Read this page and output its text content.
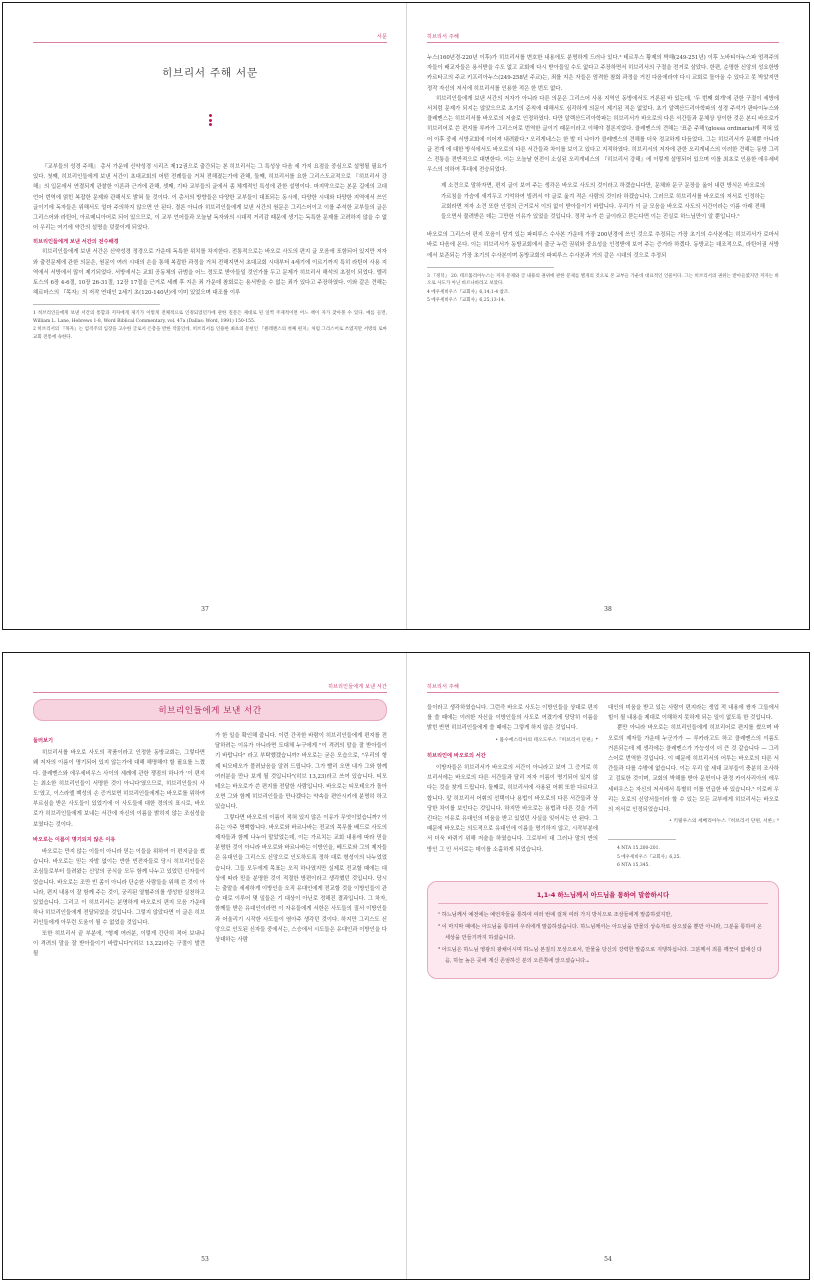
서문
히브리서 주해 서문

『교부들의 성경 주해』 총서 가운데 신약성경 시리즈 제12권으로 출간되는 본 히브리서는 그 특성상 다음 세 가지 요점을 중심으로 설명될 필요가 있다. 첫째, 히브리인들에게 보낸 서간이 초대교회의 어떤 전례들을 거쳐 전해졌는가에 관해, 둘째, 히브리서를 요한 그리스도교적으로 『히브리서 강해』의 입문에서 연결되게 관찰한 이론과 근거에 관해, 셋째, 기타 교부들의 글에서 좀 체계적인 특성에 관한 설명이다. 마지막으로는 본문 길에의 고대 언어 번역에 얽힌 복잡한 문제와 관해서도 밝혀 둘 것이다. 이 총서의 방향들은 다양한 교부들이 대표되는 동시에, 다양한 시대와 다양한 지역에서 쓰인 글이기에 독자들은 위해서도 얼마 주의하지 않으면 안 된다. 결론 아니라 히브리인들에게 보낸 서간의 원문은 그리스어이고 이를 주석한 교부들의 글은 그리스어와 라틴어, 아르메니아어로 되어 있으므로, 이 교부 언어들과 오늘날 독자와의 시대적 거리감 때문에 생기는 독특한 문제를 고려하지 않을 수 없어 우리는 여기에 약간의 설명을 덧붙이게 되었다.

히브리인들에게 보낸 서간의 전수배경

히브리인들에게 보낸 서간은 신약성경 정경으로 가운데 독특한 위치를 차지한다. 전통적으로는 바오로 사도의 편지 글 모음에 포함되어 있지만 저자와 출전문제에 관한 의문은, 원문이 여러 시대의 손을 통해 복잡한 과정을 거쳐 전해지면서 초대교회 시대부터 4세기에 이르기까지 특히 라틴어 사용 지역에서 서방에서 많이 제기되었다. 서방에서는 교회 공동체의 규범을 어느 정도로 받아들일 것인가를 두고 문제가 히브리서 해석의 초점이 되었다. 멜리토스의 6장 4-6절, 10장 26-31절, 12장 17절을 근거로 세례 후 지은 죄 가운데 참회로는 용서받을 수 없는 죄가 있다고 주장하였다. 이와 같은 견해는 헤르마스의 『목자』의 저작 연대인 2세기 초(120-140년)에 이미 있었으며 대조를 이루

1 히브리인들에게 보낸 서간의 통합과 저자에게 제기가 이렇게 전체적으로 인정되었던가에 관한 질문은 제대로 된 일찍 주제적이면 어느 책이 자가 찾아볼 수 있다. 예를 들면, William L. Lane, Hebrews 1-8, Word Biblical Commentary, vol. 47a (Dallas: Word, 1991) 150-155.

2 히브리서의 『목자』는 엄격주의 입장을 고수한 글로서 은총을 반한 작품인데, 히브리서를 인용한 최초의 문헌인 『클레멘스의 첫째 편지』처럼 그리스어로 쓰였지만 서방의 로마교회 전통에 속한다.

37
히브리서 주해

누스(160년경-220년 이후)가 히브리서를 변호한 내용에도 분명하게 드러나 있다.³ 테르투스 황제의 박해(249-251년) 이후 노바티아누스파 엄격주의자들이 배교자들은 용서받을 수도 없고 교회에 다시 받아들일 수도 없다고 주장하면서 히브리서의 구절을 전거로 삼았다. 한편, 순명한 신앙의 성요한방 카르타고의 주교 키프리아누스(249-258년 주교)는, 죄를 지은 자들은 엄격한 참회 과정을 거친 다음에라야 다시 교회로 돌아올 수 있다고 못 박았지만 정작 자신의 저서에 히브리서를 인용한 적은 한 번도 없다.

히브리인들에게 보낸 서간의 저자가 아니라 다른 의문은 그리스어 사용 지역인 동방에서도 거론된 바 있는데, '두 번째 회개'에 관한 구절이 세방에서처럼 문제가 되지는 않았으므로 초기의 준칙에 대해서도 심각하게 의문이 제기된 적은 없었다. 초기 알렉산드리아학파의 성경 주석가 판타이누스와 클레멘스는 히브리서를 바오로의 저술로 인정하였다. 다만 알렉산드리아학파는 히브리서가 바오로의 다른 서간들과 문체상 상이한 것은 본디 바오로가 히브리어로 쓴 편지를 루카가 그리스어로 번역한 글이기 때문이라고 이해야 결론지었다. 클레멘스의 견해는 '표준 주해'(glossa ordinaria)에 적혀 있어 이후 중세 서방교회에 이어져 내려왔다.⁴ 오리게네스는 한 발 더 나아가 클레멘스의 견해를 더욱 정교하게 다듬었다. 그는 히브리서가 문체뿐 아니라 글 전개 에 대한 방식에서도 바오로의 다른 서간들과 차이를 보이고 있다고 지적하였다. 히브리서의 저자에 관한 오리게네스의 이러한 견해는 동방 그리스 전통을 전반적으로 대변한다. 이는 오늘날 헌전이 소실된 오리게네스의 『히브리서 강해』에 이렇게 설명되어 있으며 이를 최초로 인용한 에우세비우스의 의하여 후대에 전승되었다.

제 소견으로 말하자면, 편지 글이 보여 주는 생각은 바오로 사도의 것이라고 하겠습니다만, 문체와 문구 문장을 옮어 내린 방식은 바오로의 가르침을 가슴에 새겨두고 기억하여 빌려서 야 글로 옮겨 적은 사람의 것이라 하겠습니다. 그러므로 히브리서를 바오로의 저서로 인정하는 교회라면 저자 소견 또한 인정의 근거로서 이의 없이 받아들이기 바랍니다. 우리가 이 글 모음을 바오로 사도의 서간이라는 이름 아래 전해 들으면서 물려받은 데는 그만한 이유가 있었을 것입니다. 정작 누가 쓴 글이라고 묻는다면 이는 진실로 하느님만이 알 뿐입니다.⁵

바오로의 그리스어 편지 모음이 담겨 있는 파피루스 수사본 가운데 가장 200년경에 쓰인 것으로 추정되는 가장 초기의 수사본에는 히브리서가 로마서 바로 다음에 온다. 이는 히브리서가 동방교회에서 출군 누런 권위와 중요성을 인정받에 보여 주는 증거라 하겠다. 동방교는 대조적으로, 라틴어권 서방에서 보존되는 가장 초기의 수사본이며 동방교회의 파피루스 수사본과 거의 같은 시대의 것으로 추정되

3 『정덕』 20. 테르툴리아누스는 저자 문제와 글 내용의 권위에 관한 문제를 별개의 것으로 본 교부들 가운데 대표적인 인물이다. 그는 히브리서의 권위는 받아들였지만 저자는 바오로 사도가 아닌 바르나바라고 보았다.

4 에우세비우스『교회사』6,14,1-4 참조.

5 에우세비우스『교회사』6,25,13-14.

38
히브리인들에게 보낸 서간
히브리인들에게 보낸 서간
둘러보기

히브리서를 바오로 사도의 작품이라고 인정한 동방교회는, 그렇다면 왜 저자의 이름이 명기되어 있지 않는가에 대해 해명해야 할 필요를 느꼈다. 클레멘스와 에우세비우스 사이의 세례에 관한 쟁점의 하나가 '이 편지는 최소한 히브리인들이 서명한 것이 아니다'였으므로, 히브리인들의 사도'였고, 이스라엘 백성의 손 증거보면 히브리인들에게는 바오로를 위하여 부르심을 받은 사도들이 있었기에 이 사도들에 대한 경의의 표시로, 바오로가 히브리인들에게 보내는 서간에 자신의 이름을 밝히지 않는 조심성을 보였다는 것이다.

바오로는 이름이 명기되지 않은 이유

바오로는 만지 않는 이들이 아니라 믿는 이들을 위하여 이 편지글을 썼습니다. 바오로는 믿는 자발 없이는 반한 빈전자들로 당시 히브리인들은 조심들로부터 들려왔는 신앙의 공식을 모두 함께 나누고 있었던 신자들이었습니다. 바오로는 조만 빈 좀이 아니라 단순한 사람들을 위해 쓴 것이 아니라, 편지 내용이 잘 함께 주는 것이, 궁리된 열혈주의를 생성한 실천하고 있었습니다. 그리고 이 히브리서는 분명하게 바오로의 편지 모음 가운데 하나 히브리인들에게 전달되었을 것입니다. 그렇지 않았다면 이 글은 히브리인들에게 아무런 도움이 될 수 없었을 것입니다.

또한 히브리서 끝 부분에, "형제 여러분, 이렇게 간단히 적어 보내니 이 격려의 말을 잘 받아들이기 바랍니다"(히브 13,22)라는 구절이 발견 될

가 한 일을 확인해 줍니다. 이런 간곡한 바람이 히브리인들에게 편지를 전달하려는 이유가 아니라면 도대체 누구에게 "이 격려의 말을 잘 받아들이기 바랍니다" 라고 부탁했겠습니까? 바오로는 굳은 모습으로, "우리의 형제 티모테오가 풀려났음을 알려 드립니다. 그가 빨리 오면 내가 그와 함께 여러분을 만나 보게 될 것입니다"(히브 13,23)라고 쓰여 있습니다. 티모테오는 바오로가 쓴 편지를 전달한 사람입니다. 바오로는 티모테오가 돌아오면 그와 함께 히브리인들을 만나겠다는 약속을 편안시키에 분명히 하고 있습니다.

그렇다면 바오로의 이름이 적혀 있지 않은 이유가 무엇이었습니까? 이유는 아주 명백합니다. 바오로와 바르나바는 전교의 목무를 베드로 사도의 제자들과 함께 나누어 맡았었는데, 이는 가르치는 교회 내용에 따라 믿을 분명한 것이 아니라 바오로와 바르나바는 이방인을, 베드로와 그의 제자들은 유대인을 그리스도 신앙으로 인도하도록 정하 대로 형성이의 나누었었습니다. 그들 모두에게 목표는 오직 하나였지만 실제로 전교할 때에는 대상에 따라 믿을 분명한 것이 적절한 방편이라고 생각했던 것입니다. 당시는 출맡을 세세하게 이방인을 오직 유대인에게 전교할 것을 이방인들이 관습 대로 이루어 몇 일들은 기 대상이 아닌로 정해진 결과입니다. 그 차자, 함께들 받은 유대인이라면 이 자유들에게 서한은 사도들의 질서 이방인들과 어울리기 시작한 사도들이 염아주 생각던 것이다. 하지만 그리스도 신앙으로 인도된 신자들 중에서는, 스승에서 시도들은 유대인과 이방인을 다 상대하는 사람

53
히브리서 주해

들이라고 생각하였습니다. 그런즉 바오로 사도는 이방인들을 상대로 편지를 쓸 때에는 이러한 자신을 이방인들의 사도로 여겼기에 당당히 이름을 밝힌 반면 히브리인들에게 쓸 때에는 그렇게 하지 않은 것입니다.

• 몹수에스티아의 테오도루스『히브리서 단편』*
히브리인에 바오로의 서간

이방자들은 히브리서가 바오로의 서간이 아니라고 보여 그 증거로 히브리서에는 바오로의 다른 서간들과 달리 저자 이름이 명기되어 있지 않다는 것을 찾게 드립니다. 둘째로, 히브리서에 사용된 어휘 또한 다르다고 합니다. 앞 히브리서 어휘의 선택이나 용법이 바오로의 다른 서간들과 상당한 차이를 보인다는 것입니다. 하지만 바오로는 용법과 다른 것을 가리킨다는 이유로 유대인의 미움을 받고 있었던 사실을 잊어서는 안 된다. 그 때문에 바오로는 의도적으로 유대인에 이름을 명기하지 않고, 시작부분에서 더욱 바뀌기 위해 저술을 하였습니다. 그로부터 대 그러나 말의 반의 방인 그 인 서서로는 데이를 소홀하게 되었습니다.

대인의 미움을 받고 있는 사람이 편지라는 생업 적 내용에 쌍자 그들에서 힘이 될 내용을 제대로 이해하지 못하게 되는 일이 없도록 한 것입니다.

뿐만 아니라 바오로는 히브리인들에게 히브리어로 편지를 썼으며 바오로의 제자들 가운데 누군가가 — 루카라고도 하고 클레멘스의 이름도 거론되는데 제 생각에는 클레멘스가 가능성이 더 큰 것 같습니다 — 그리스어로 번역한 것입니다. 이 때문에 히브리서의 어투는 바오로의 다른 서간들과 다를 수밖에 없습니다. 이는 우리 앞 세대 교부들이 충분히 조사하고 검토한 것이며, 교회의 박해를 받아 문헌이나 판정 카이사리아의 에우세비우스는 자신의 저서에서 특별히 이를 언급한 바 있습니다.⁵ 이로써 우리는 오로의 신앙서들이라 할 수 있는 모든 교부에게 히브리서는 바오로의 저서로 인정되었습니다.

• 키릴루스의 세베리아누스『히브리서 단편, 서론』⁶

4 NTA 15,200-201.

5 에우세비우스『교회사』6,25.

6 NTA 15,345.

1,1-4 하느님께서 아드님을 통하여 말씀하시다
¹ 하느님께서 예전에는 예언자들을 통하여 여러 번에 걸쳐 여러 가지 방식으로 조상들에게 말씀하셨지만,
² 이 마지막 때에는 아드님을 통하여 우리에게 말씀하셨습니다. 하느님께서는 아드님을 만물의 상속자로 삼으셨을 뿐만 아니라, 그분을 통하여 온 세상을 만들기까지 하셨습니다.
³ 아드님은 하느님 영광의 광채이시며 하느님 본질의 모상으로서, 만물을 당신의 강력한 말씀으로 지탱하십니다. 그분께서 죄를 깨끗이 없애신 다음, 하늘 높은 곳에 계신 존엄하신 분의 오른쪽에 앉으셨습니다.ₐ
54
